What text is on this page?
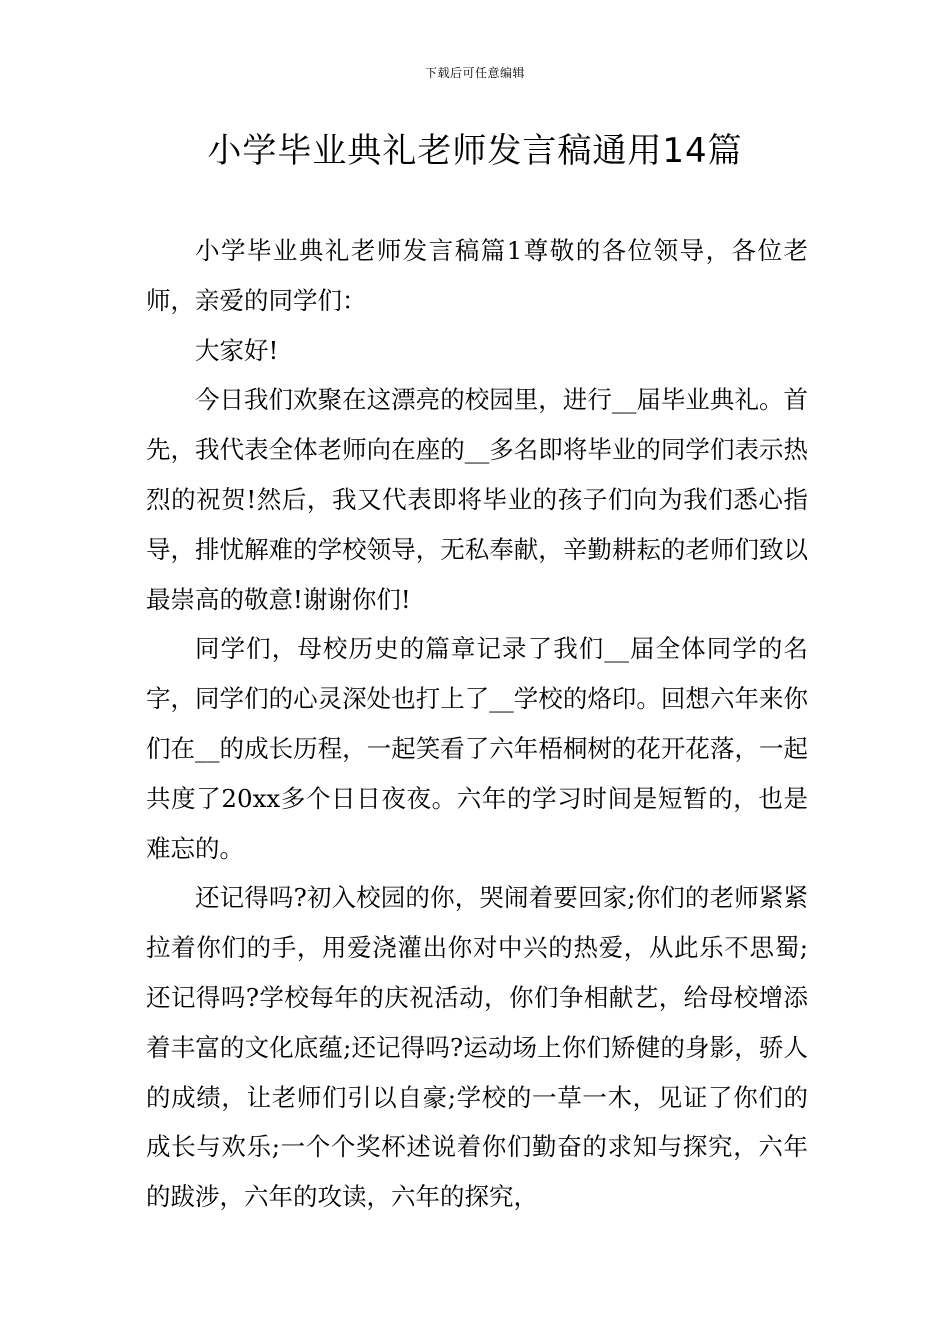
下载后可任意编辑
小学毕业典礼老师发言稿通用14篇

小学毕业典礼老师发言稿篇1尊敬的各位领导，各位老师，亲爱的同学们：

大家好!

今日我们欢聚在这漂亮的校园里，进行__届毕业典礼。首先，我代表全体老师向在座的__多名即将毕业的同学们表示热烈的祝贺!然后，我又代表即将毕业的孩子们向为我们悉心指导，排忧解难的学校领导，无私奉献，辛勤耕耘的老师们致以最崇高的敬意!谢谢你们!

同学们，母校历史的篇章记录了我们__届全体同学的名字，同学们的心灵深处也打上了__学校的烙印。回想六年来你们在__的成长历程，一起笑看了六年梧桐树的花开花落，一起共度了20xx多个日日夜夜。六年的学习时间是短暂的，也是难忘的。

还记得吗?初入校园的你，哭闹着要回家;你们的老师紧紧拉着你们的手，用爱浇灌出你对中兴的热爱，从此乐不思蜀;还记得吗?学校每年的庆祝活动，你们争相献艺，给母校增添着丰富的文化底蕴;还记得吗?运动场上你们矫健的身影，骄人的成绩，让老师们引以自豪;学校的一草一木，见证了你们的成长与欢乐;一个个奖杯述说着你们勤奋的求知与探究，六年的跋涉，六年的攻读，六年的探究，
